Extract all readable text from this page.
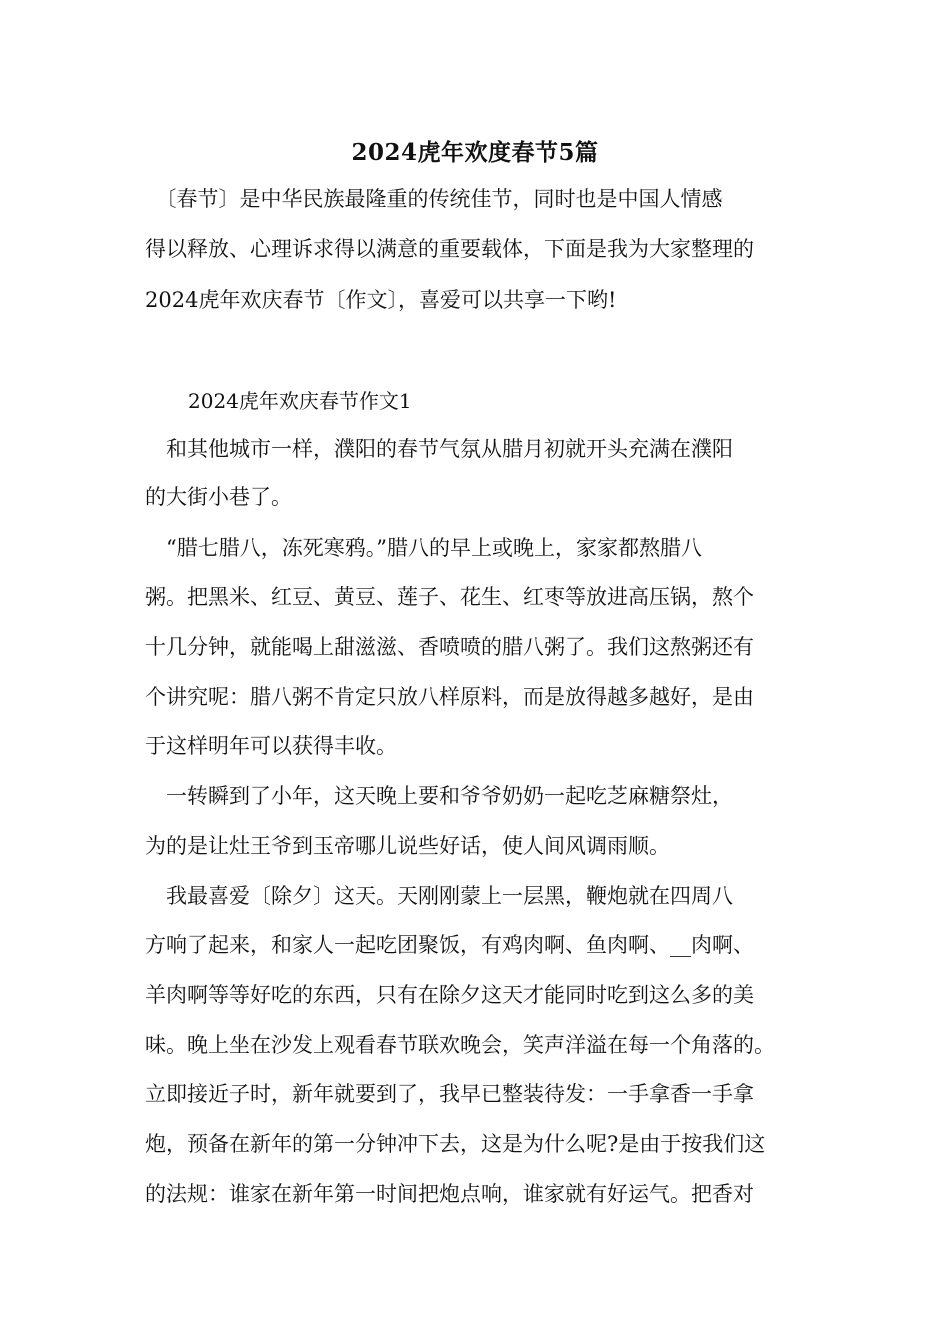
2024虎年欢度春节5篇
　〔春节〕是中华民族最隆重的传统佳节，同时也是中国人情感
得以释放、心理诉求得以满意的重要载体，下面是我为大家整理的
2024虎年欢庆春节〔作文〕，喜爱可以共享一下哟!
2024虎年欢庆春节作文1
　和其他城市一样，濮阳的春节气氛从腊月初就开头充满在濮阳
的大街小巷了。
　“腊七腊八，冻死寒鸦。”腊八的早上或晚上，家家都熬腊八
粥。把黑米、红豆、黄豆、莲子、花生、红枣等放进高压锅，熬个
十几分钟，就能喝上甜滋滋、香喷喷的腊八粥了。我们这熬粥还有
个讲究呢：腊八粥不肯定只放八样原料，而是放得越多越好，是由
于这样明年可以获得丰收。
　一转瞬到了小年，这天晚上要和爷爷奶奶一起吃芝麻糖祭灶，
为的是让灶王爷到玉帝哪儿说些好话，使人间风调雨顺。
　我最喜爱〔除夕〕这天。天刚刚蒙上一层黑，鞭炮就在四周八
方响了起来，和家人一起吃团聚饭，有鸡肉啊、鱼肉啊、__肉啊、
羊肉啊等等好吃的东西，只有在除夕这天才能同时吃到这么多的美
味。晚上坐在沙发上观看春节联欢晚会，笑声洋溢在每一个角落的。
立即接近子时，新年就要到了，我早已整装待发：一手拿香一手拿
炮，预备在新年的第一分钟冲下去，这是为什么呢?是由于按我们这
的法规：谁家在新年第一时间把炮点响，谁家就有好运气。把香对
